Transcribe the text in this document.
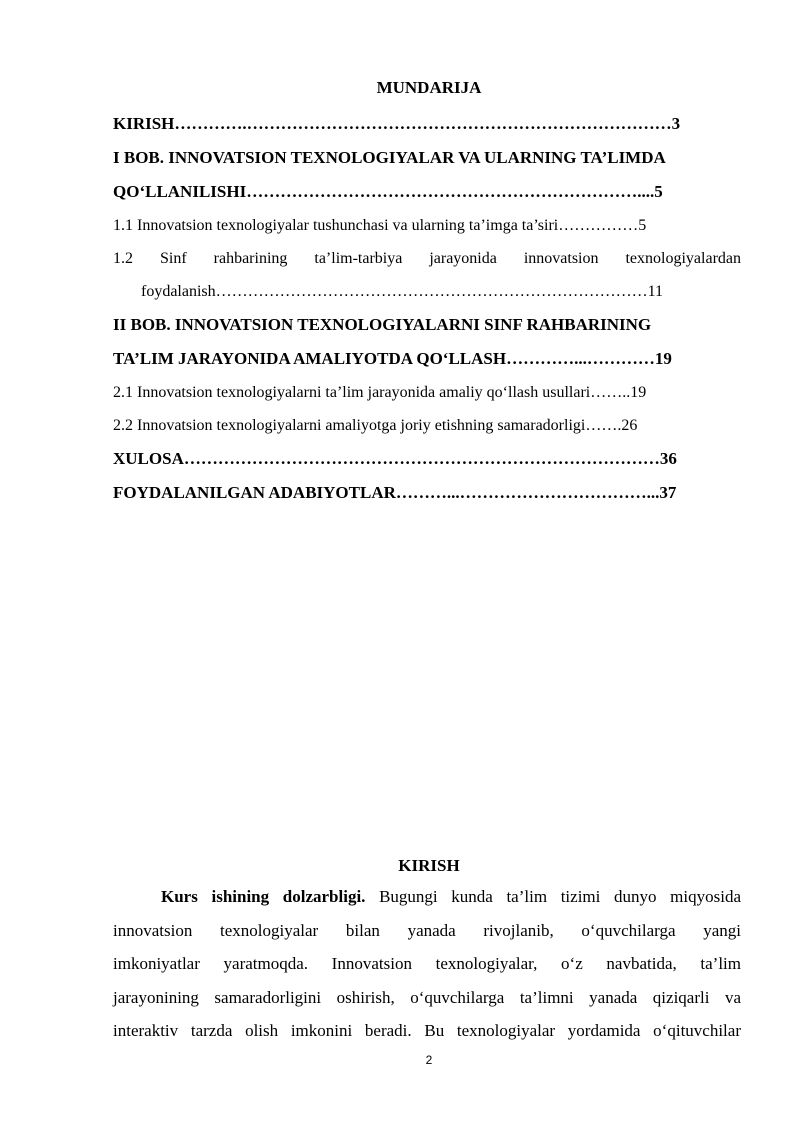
MUNDARIJA
KIRISH………….…………………………………………………………………3
I BOB. INNOVATSION TEXNOLOGIYALAR VA ULARNING TA’LIMDA
QO‘LLANILISHI……………………………………………………………....5
1.1 Innovatsion texnologiyalar tushunchasi va ularning ta’imga ta’siri……………5
1.2 Sinf rahbarining ta’lim-tarbiya jarayonida innovatsion texnologiyalardan
foydalanish………………………………………………………………………11
II BOB. INNOVATSION TEXNOLOGIYALARNI SINF RAHBARINING
TA’LIM JARAYONIDA AMALIYOTDA QO‘LLASH…………...…………19
2.1 Innovatsion texnologiyalarni ta’lim jarayonida amaliy qo‘llash usullari……..19
2.2 Innovatsion texnologiyalarni amaliyotga joriy etishning samaradorligi…….26
XULOSA…………………………………………………………………………36
FOYDALANILGAN ADABIYOTLAR………...……………………………...37
KIRISH
Kurs ishining dolzarbligi. Bugungi kunda ta’lim tizimi dunyo miqyosida
innovatsion texnologiyalar bilan yanada rivojlanib, o‘quvchilarga yangi
imkoniyatlar yaratmoqda. Innovatsion texnologiyalar, o‘z navbatida, ta’lim
jarayonining samaradorligini oshirish, o‘quvchilarga ta’limni yanada qiziqarli va
interaktiv tarzda olish imkonini beradi. Bu texnologiyalar yordamida o‘qituvchilar
2
